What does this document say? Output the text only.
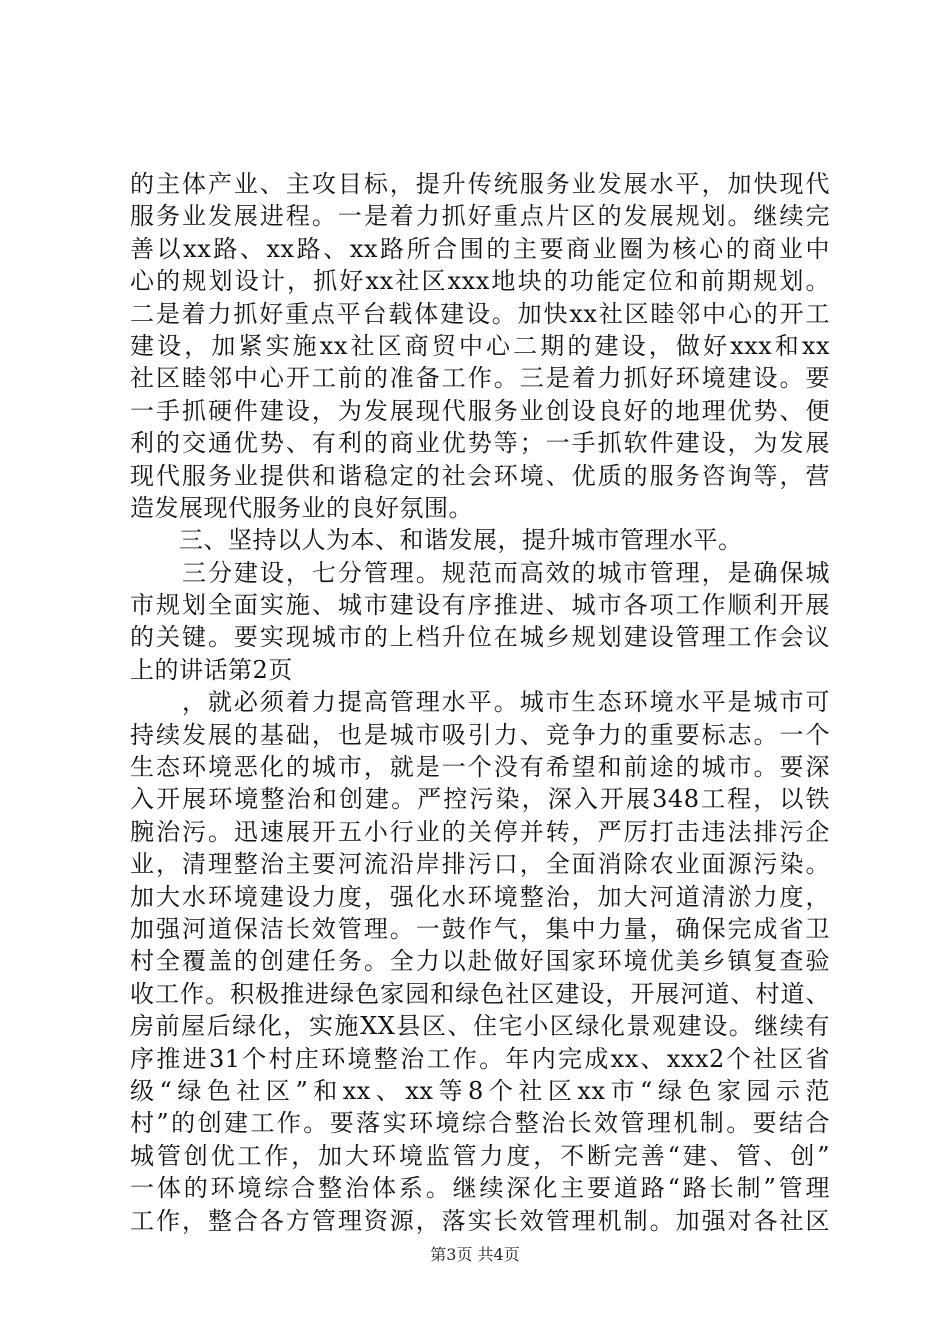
的主体产业、主攻目标，提升传统服务业发展水平，加快现代
服务业发展进程。一是着力抓好重点片区的发展规划。继续完
善以xx路、xx路、xx路所合围的主要商业圈为核心的商业中
心的规划设计，抓好xx社区xxx地块的功能定位和前期规划。
二是着力抓好重点平台载体建设。加快xx社区睦邻中心的开工
建设，加紧实施xx社区商贸中心二期的建设，做好xxx和xx
社区睦邻中心开工前的准备工作。三是着力抓好环境建设。要
一手抓硬件建设，为发展现代服务业创设良好的地理优势、便
利的交通优势、有利的商业优势等；一手抓软件建设，为发展
现代服务业提供和谐稳定的社会环境、优质的服务咨询等，营
造发展现代服务业的良好氛围。
　　三、坚持以人为本、和谐发展，提升城市管理水平。
　　三分建设，七分管理。规范而高效的城市管理，是确保城
市规划全面实施、城市建设有序推进、城市各项工作顺利开展
的关键。要实现城市的上档升位在城乡规划建设管理工作会议
上的讲话第2页
　　，就必须着力提高管理水平。城市生态环境水平是城市可
持续发展的基础，也是城市吸引力、竞争力的重要标志。一个
生态环境恶化的城市，就是一个没有希望和前途的城市。要深
入开展环境整治和创建。严控污染，深入开展348工程，以铁
腕治污。迅速展开五小行业的关停并转，严厉打击违法排污企
业，清理整治主要河流沿岸排污口，全面消除农业面源污染。
加大水环境建设力度，强化水环境整治，加大河道清淤力度，
加强河道保洁长效管理。一鼓作气，集中力量，确保完成省卫
村全覆盖的创建任务。全力以赴做好国家环境优美乡镇复查验
收工作。积极推进绿色家园和绿色社区建设，开展河道、村道、
房前屋后绿化，实施XX县区、住宅小区绿化景观建设。继续有
序推进31个村庄环境整治工作。年内完成xx、xxx2个社区省
级“绿色社区”和xx、xx等8个社区xx市“绿色家园示范
村”的创建工作。要落实环境综合整治长效管理机制。要结合
城管创优工作，加大环境监管力度，不断完善“建、管、创”
一体的环境综合整治体系。继续深化主要道路“路长制”管理
工作，整合各方管理资源，落实长效管理机制。加强对各社区
第3页 共4页
